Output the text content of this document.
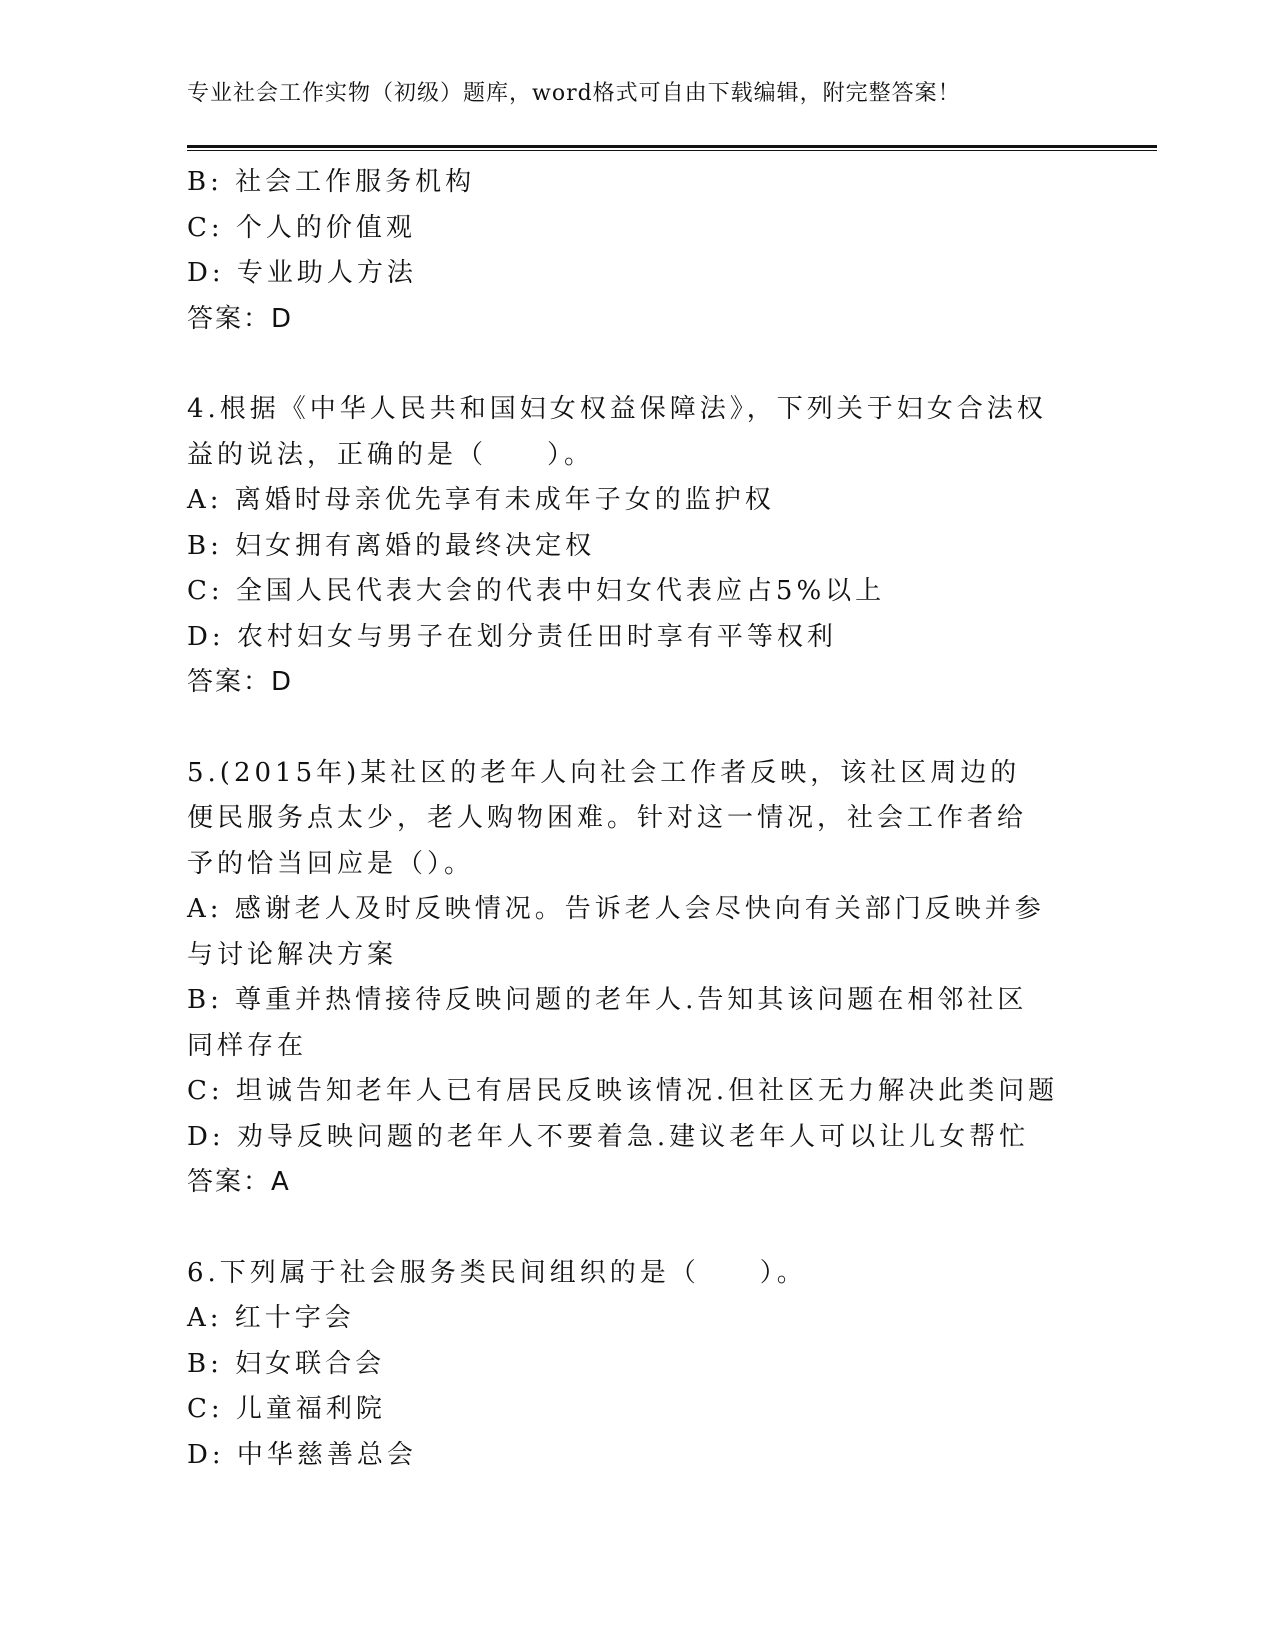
专业社会工作实物（初级）题库，word格式可自由下载编辑，附完整答案！
B: 社会工作服务机构
C: 个人的价值观
D: 专业助人方法
答案：D
4.根据《中华人民共和国妇女权益保障法》，下列关于妇女合法权益的说法，正确的是（　　）。
A: 离婚时母亲优先享有未成年子女的监护权
B: 妇女拥有离婚的最终决定权
C: 全国人民代表大会的代表中妇女代表应占5%以上
D: 农村妇女与男子在划分责任田时享有平等权利
答案：D
5.(2015年)某社区的老年人向社会工作者反映，该社区周边的便民服务点太少，老人购物困难。针对这一情况，社会工作者给予的恰当回应是（）。
A: 感谢老人及时反映情况。告诉老人会尽快向有关部门反映并参与讨论解决方案
B: 尊重并热情接待反映问题的老年人.告知其该问题在相邻社区同样存在
C: 坦诚告知老年人已有居民反映该情况.但社区无力解决此类问题
D: 劝导反映问题的老年人不要着急.建议老年人可以让儿女帮忙
答案：A
6.下列属于社会服务类民间组织的是（　　）。
A: 红十字会
B: 妇女联合会
C: 儿童福利院
D: 中华慈善总会
